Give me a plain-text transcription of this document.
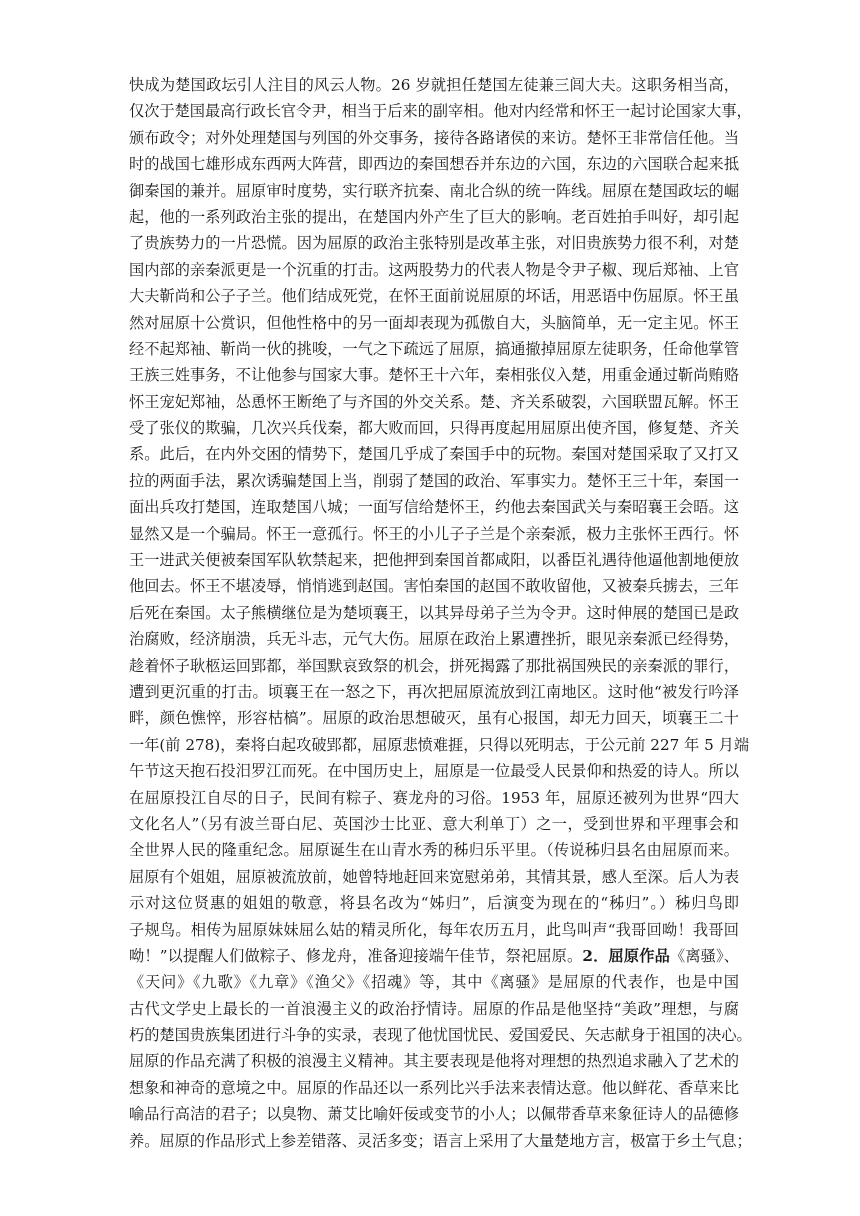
快成为楚国政坛引人注目的风云人物。26 岁就担任楚国左徒兼三闾大夫。这职务相当高，
仅次于楚国最高行政长官令尹，相当于后来的副宰相。他对内经常和怀王一起讨论国家大事，
颁布政令；对外处理楚国与列国的外交事务，接待各路诸侯的来访。楚怀王非常信任他。当
时的战国七雄形成东西两大阵营，即西边的秦国想吞并东边的六国，东边的六国联合起来抵
御秦国的兼并。屈原审时度势，实行联齐抗秦、南北合纵的统一阵线。屈原在楚国政坛的崛
起，他的一系列政治主张的提出，在楚国内外产生了巨大的影响。老百姓拍手叫好，却引起
了贵族势力的一片恐慌。因为屈原的政治主张特别是改革主张，对旧贵族势力很不利，对楚
国内部的亲秦派更是一个沉重的打击。这两股势力的代表人物是令尹子椒、现后郑袖、上官
大夫靳尚和公子子兰。他们结成死党，在怀王面前说屈原的坏话，用恶语中伤屈原。怀王虽
然对屈原十公赏识，但他性格中的另一面却表现为孤傲自大，头脑简单，无一定主见。怀王
经不起郑袖、靳尚一伙的挑唆，一气之下疏远了屈原，搞通撤掉屈原左徒职务，任命他掌管
王族三姓事务，不让他参与国家大事。楚怀王十六年，秦相张仪入楚，用重金通过靳尚贿赂
怀王宠妃郑袖，怂恿怀王断绝了与齐国的外交关系。楚、齐关系破裂，六国联盟瓦解。怀王
受了张仪的欺骗，几次兴兵伐秦，都大败而回，只得再度起用屈原出使齐国，修复楚、齐关
系。此后，在内外交困的情势下，楚国几乎成了秦国手中的玩物。秦国对楚国采取了又打又
拉的两面手法，累次诱骗楚国上当，削弱了楚国的政治、军事实力。楚怀王三十年，秦国一
面出兵攻打楚国，连取楚国八城；一面写信给楚怀王，约他去秦国武关与秦昭襄王会晤。这
显然又是一个骗局。怀王一意孤行。怀王的小儿子子兰是个亲秦派，极力主张怀王西行。怀
王一进武关便被秦国军队软禁起来，把他押到秦国首都咸阳，以番臣礼遇待他逼他割地便放
他回去。怀王不堪凌辱，悄悄逃到赵国。害怕秦国的赵国不敢收留他，又被秦兵掳去，三年
后死在秦国。太子熊横继位是为楚顷襄王，以其异母弟子兰为令尹。这时伸展的楚国已是政
治腐败，经济崩溃，兵无斗志，元气大伤。屈原在政治上累遭挫折，眼见亲秦派已经得势，
趁着怀子耿柩运回郢都，举国默哀致祭的机会，拼死揭露了那批祸国殃民的亲秦派的罪行，
遭到更沉重的打击。顷襄王在一怒之下，再次把屈原流放到江南地区。这时他“被发行吟泽
畔，颜色憔悴，形容枯槁”。屈原的政治思想破灭，虽有心报国，却无力回天，顷襄王二十
一年(前 278)，秦将白起攻破郢都，屈原悲愤难捱，只得以死明志，于公元前 227 年 5 月端
午节这天抱石投汨罗江而死。在中国历史上，屈原是一位最受人民景仰和热爱的诗人。所以
在屈原投江自尽的日子，民间有粽子、赛龙舟的习俗。1953 年，屈原还被列为世界“四大
文化名人”（另有波兰哥白尼、英国沙士比亚、意大利单丁）之一，受到世界和平理事会和
全世界人民的隆重纪念。屈原诞生在山青水秀的秭归乐平里。（传说秭归县名由屈原而来。
屈原有个姐姐，屈原被流放前，她曾特地赶回来宽慰弟弟，其情其景，感人至深。后人为表
示对这位贤惠的姐姐的敬意，将县名改为“姊归”，后演变为现在的“秭归”。）秭归鸟即
子规鸟。相传为屈原妹妹屈么姑的精灵所化，每年农历五月，此鸟叫声“我哥回呦！我哥回
呦！”以提醒人们做粽子、修龙舟，准备迎接端午佳节，祭祀屈原。2．屈原作品《离骚》、
《天问》《九歌》《九章》《渔父》《招魂》等，其中《离骚》是屈原的代表作，也是中国
古代文学史上最长的一首浪漫主义的政治抒情诗。屈原的作品是他坚持“美政”理想，与腐
朽的楚国贵族集团进行斗争的实录，表现了他忧国忧民、爱国爱民、矢志献身于祖国的决心。
屈原的作品充满了积极的浪漫主义精神。其主要表现是他将对理想的热烈追求融入了艺术的
想象和神奇的意境之中。屈原的作品还以一系列比兴手法来表情达意。他以鲜花、香草来比
喻品行高洁的君子；以臭物、萧艾比喻奸佞或变节的小人；以佩带香草来象征诗人的品德修
养。屈原的作品形式上参差错落、灵活多变；语言上采用了大量楚地方言，极富于乡土气息；
